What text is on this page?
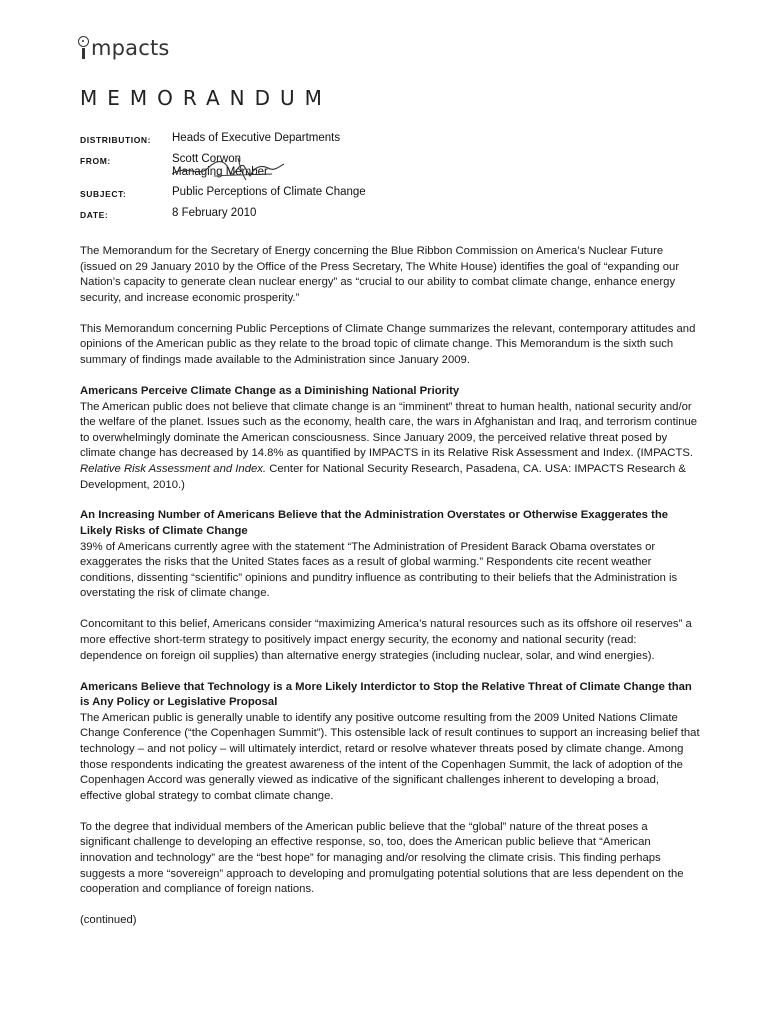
mpacts
MEMORANDUM
DISTRIBUTION: Heads of Executive Departments
FROM:	Scott Corwon
Managing Member
SUBJECT:	Public Perceptions of Climate Change
DATE:	8 February 2010

The Memorandum for the Secretary of Energy concerning the Blue Ribbon Commission on America’s Nuclear Future (issued on 29 January 2010 by the Office of the Press Secretary, The White House) identifies the goal of “expanding our Nation’s capacity to generate clean nuclear energy” as “crucial to our ability to combat climate change, enhance energy security, and increase economic prosperity.”

This Memorandum concerning Public Perceptions of Climate Change summarizes the relevant, contemporary attitudes and opinions of the American public as they relate to the broad topic of climate change. This Memorandum is the sixth such summary of findings made available to the Administration since January 2009.

Americans Perceive Climate Change as a Diminishing National Priority
The American public does not believe that climate change is an “imminent” threat to human health, national security and/or the welfare of the planet. Issues such as the economy, health care, the wars in Afghanistan and Iraq, and terrorism continue to overwhelmingly dominate the American consciousness. Since January 2009, the perceived relative threat posed by climate change has decreased by 14.8% as quantified by IMPACTS in its Relative Risk Assessment and Index. (IMPACTS. Relative Risk Assessment and Index. Center for National Security Research, Pasadena, CA. USA: IMPACTS Research & Development, 2010.)
An Increasing Number of Americans Believe that the Administration Overstates or Otherwise Exaggerates the Likely Risks of Climate Change
39% of Americans currently agree with the statement “The Administration of President Barack Obama overstates or exaggerates the risks that the United States faces as a result of global warming.” Respondents cite recent weather conditions, dissenting “scientific” opinions and punditry influence as contributing to their beliefs that the Administration is overstating the risk of climate change.

Concomitant to this belief, Americans consider “maximizing America’s natural resources such as its offshore oil reserves” a more effective short-term strategy to positively impact energy security, the economy and national security (read: dependence on foreign oil supplies) than alternative energy strategies (including nuclear, solar, and wind energies).

Americans Believe that Technology is a More Likely Interdictor to Stop the Relative Threat of Climate Change than is Any Policy or Legislative Proposal
The American public is generally unable to identify any positive outcome resulting from the 2009 United Nations Climate Change Conference (“the Copenhagen Summit”). This ostensible lack of result continues to support an increasing belief that technology – and not policy – will ultimately interdict, retard or resolve whatever threats posed by climate change. Among those respondents indicating the greatest awareness of the intent of the Copenhagen Summit, the lack of adoption of the Copenhagen Accord was generally viewed as indicative of the significant challenges inherent to developing a broad, effective global strategy to combat climate change.

To the degree that individual members of the American public believe that the “global” nature of the threat poses a significant challenge to developing an effective response, so, too, does the American public believe that “American innovation and technology” are the “best hope” for managing and/or resolving the climate crisis. This finding perhaps suggests a more “sovereign” approach to developing and promulgating potential solutions that are less dependent on the cooperation and compliance of foreign nations.

(continued)
